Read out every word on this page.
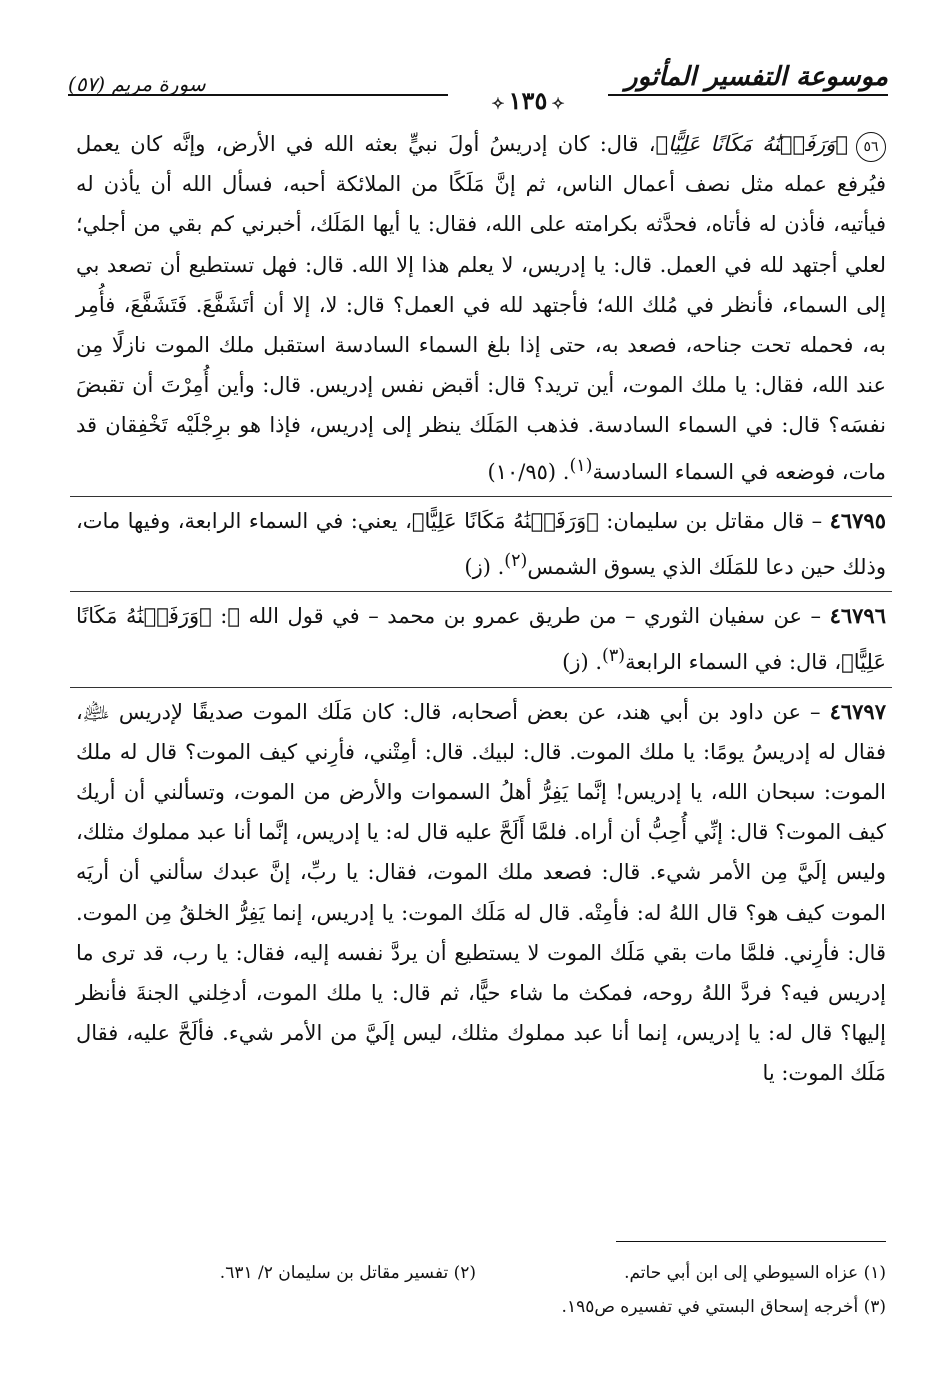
موسوعة التفسير المأثور
✧١٣٥✧
سورة مريم (٥٧)

٥٦﴿وَرَفَعۡنَٰهُ مَكَانًا عَلِيًّا﴾، قال: كان إدريسُ أولَ نبيٍّ بعثه الله في الأرض، وإنَّه كان يعمل فيُرفع عمله مثل نصف أعمال الناس، ثم إنَّ مَلَكًا من الملائكة أحبه، فسأل الله أن يأذن له فيأتيه، فأذن له فأتاه، فحدَّثه بكرامته على الله، فقال: يا أيها المَلَك، أخبرني كم بقي من أجلي؛ لعلي أجتهد لله في العمل. قال: يا إدريس، لا يعلم هذا إلا الله. قال: فهل تستطيع أن تصعد بي إلى السماء، فأنظر في مُلك الله؛ فأجتهد لله في العمل؟ قال: لا، إلا أن أتَشَفَّعَ. فَتَشَفَّعَ، فأُمِر به، فحمله تحت جناحه، فصعد به، حتى إذا بلغ السماء السادسة استقبل ملك الموت نازلًا مِن عند الله، فقال: يا ملك الموت، أين تريد؟ قال: أقبض نفس إدريس. قال: وأين أُمِرْتَ أن تقبضَ نفسَه؟ قال: في السماء السادسة. فذهب المَلَك ينظر إلى إدريس، فإذا هو برِجْلَيْه تَخْفِقان قد مات، فوضعه في السماء السادسة$^{(١)}$. (١٠/٩٥)

٤٦٧٩٥ – قال مقاتل بن سليمان: ﴿وَرَفَعۡنَٰهُ مَكَانًا عَلِيًّا﴾، يعني: في السماء الرابعة، وفيها مات، وذلك حين دعا للمَلَك الذي يسوق الشمس$^{(٢)}$. (ز)

٤٦٧٩٦ – عن سفيان الثوري – من طريق عمرو بن محمد – في قول الله ﷻ: ﴿وَرَفَعۡنَٰهُ مَكَانًا عَلِيًّا﴾، قال: في السماء الرابعة$^{(٣)}$. (ز)

٤٦٧٩٧ – عن داود بن أبي هند، عن بعض أصحابه، قال: كان مَلَك الموت صديقًا لإدريس ﵇، فقال له إدريسُ يومًا: يا ملك الموت. قال: لبيك. قال: أمِتْني، فأرِني كيف الموت؟ قال له ملك الموت: سبحان الله، يا إدريس! إنَّما يَفِرُّ أهلُ السموات والأرض من الموت، وتسألني أن أريك كيف الموت؟ قال: إنِّي أُحِبُّ أن أراه. فلمَّا أَلَحَّ عليه قال له: يا إدريس، إنَّما أنا عبد مملوك مثلك، وليس إلَيَّ مِن الأمر شيء. قال: فصعد ملك الموت، فقال: يا ربِّ، إنَّ عبدك سألني أن أريَه الموت كيف هو؟ قال اللهُ له: فأمِتْه. قال له مَلَك الموت: يا إدريس، إنما يَفِرُّ الخلقُ مِن الموت. قال: فأرِني. فلمَّا مات بقي مَلَك الموت لا يستطيع أن يردَّ نفسه إليه، فقال: يا رب، قد ترى ما إدريس فيه؟ فردَّ اللهُ روحه، فمكث ما شاء حيًّا، ثم قال: يا ملك الموت، أدخِلني الجنةَ فأنظر إليها؟ قال له: يا إدريس، إنما أنا عبد مملوك مثلك، ليس إلَيَّ من الأمر شيء. فألَحَّ عليه، فقال مَلَك الموت: يا

(١) عزاه السيوطي إلى ابن أبي حاتم.(٢) تفسير مقاتل بن سليمان ٢/ ٦٣١.
(٣) أخرجه إسحاق البستي في تفسيره ص١٩٥.
